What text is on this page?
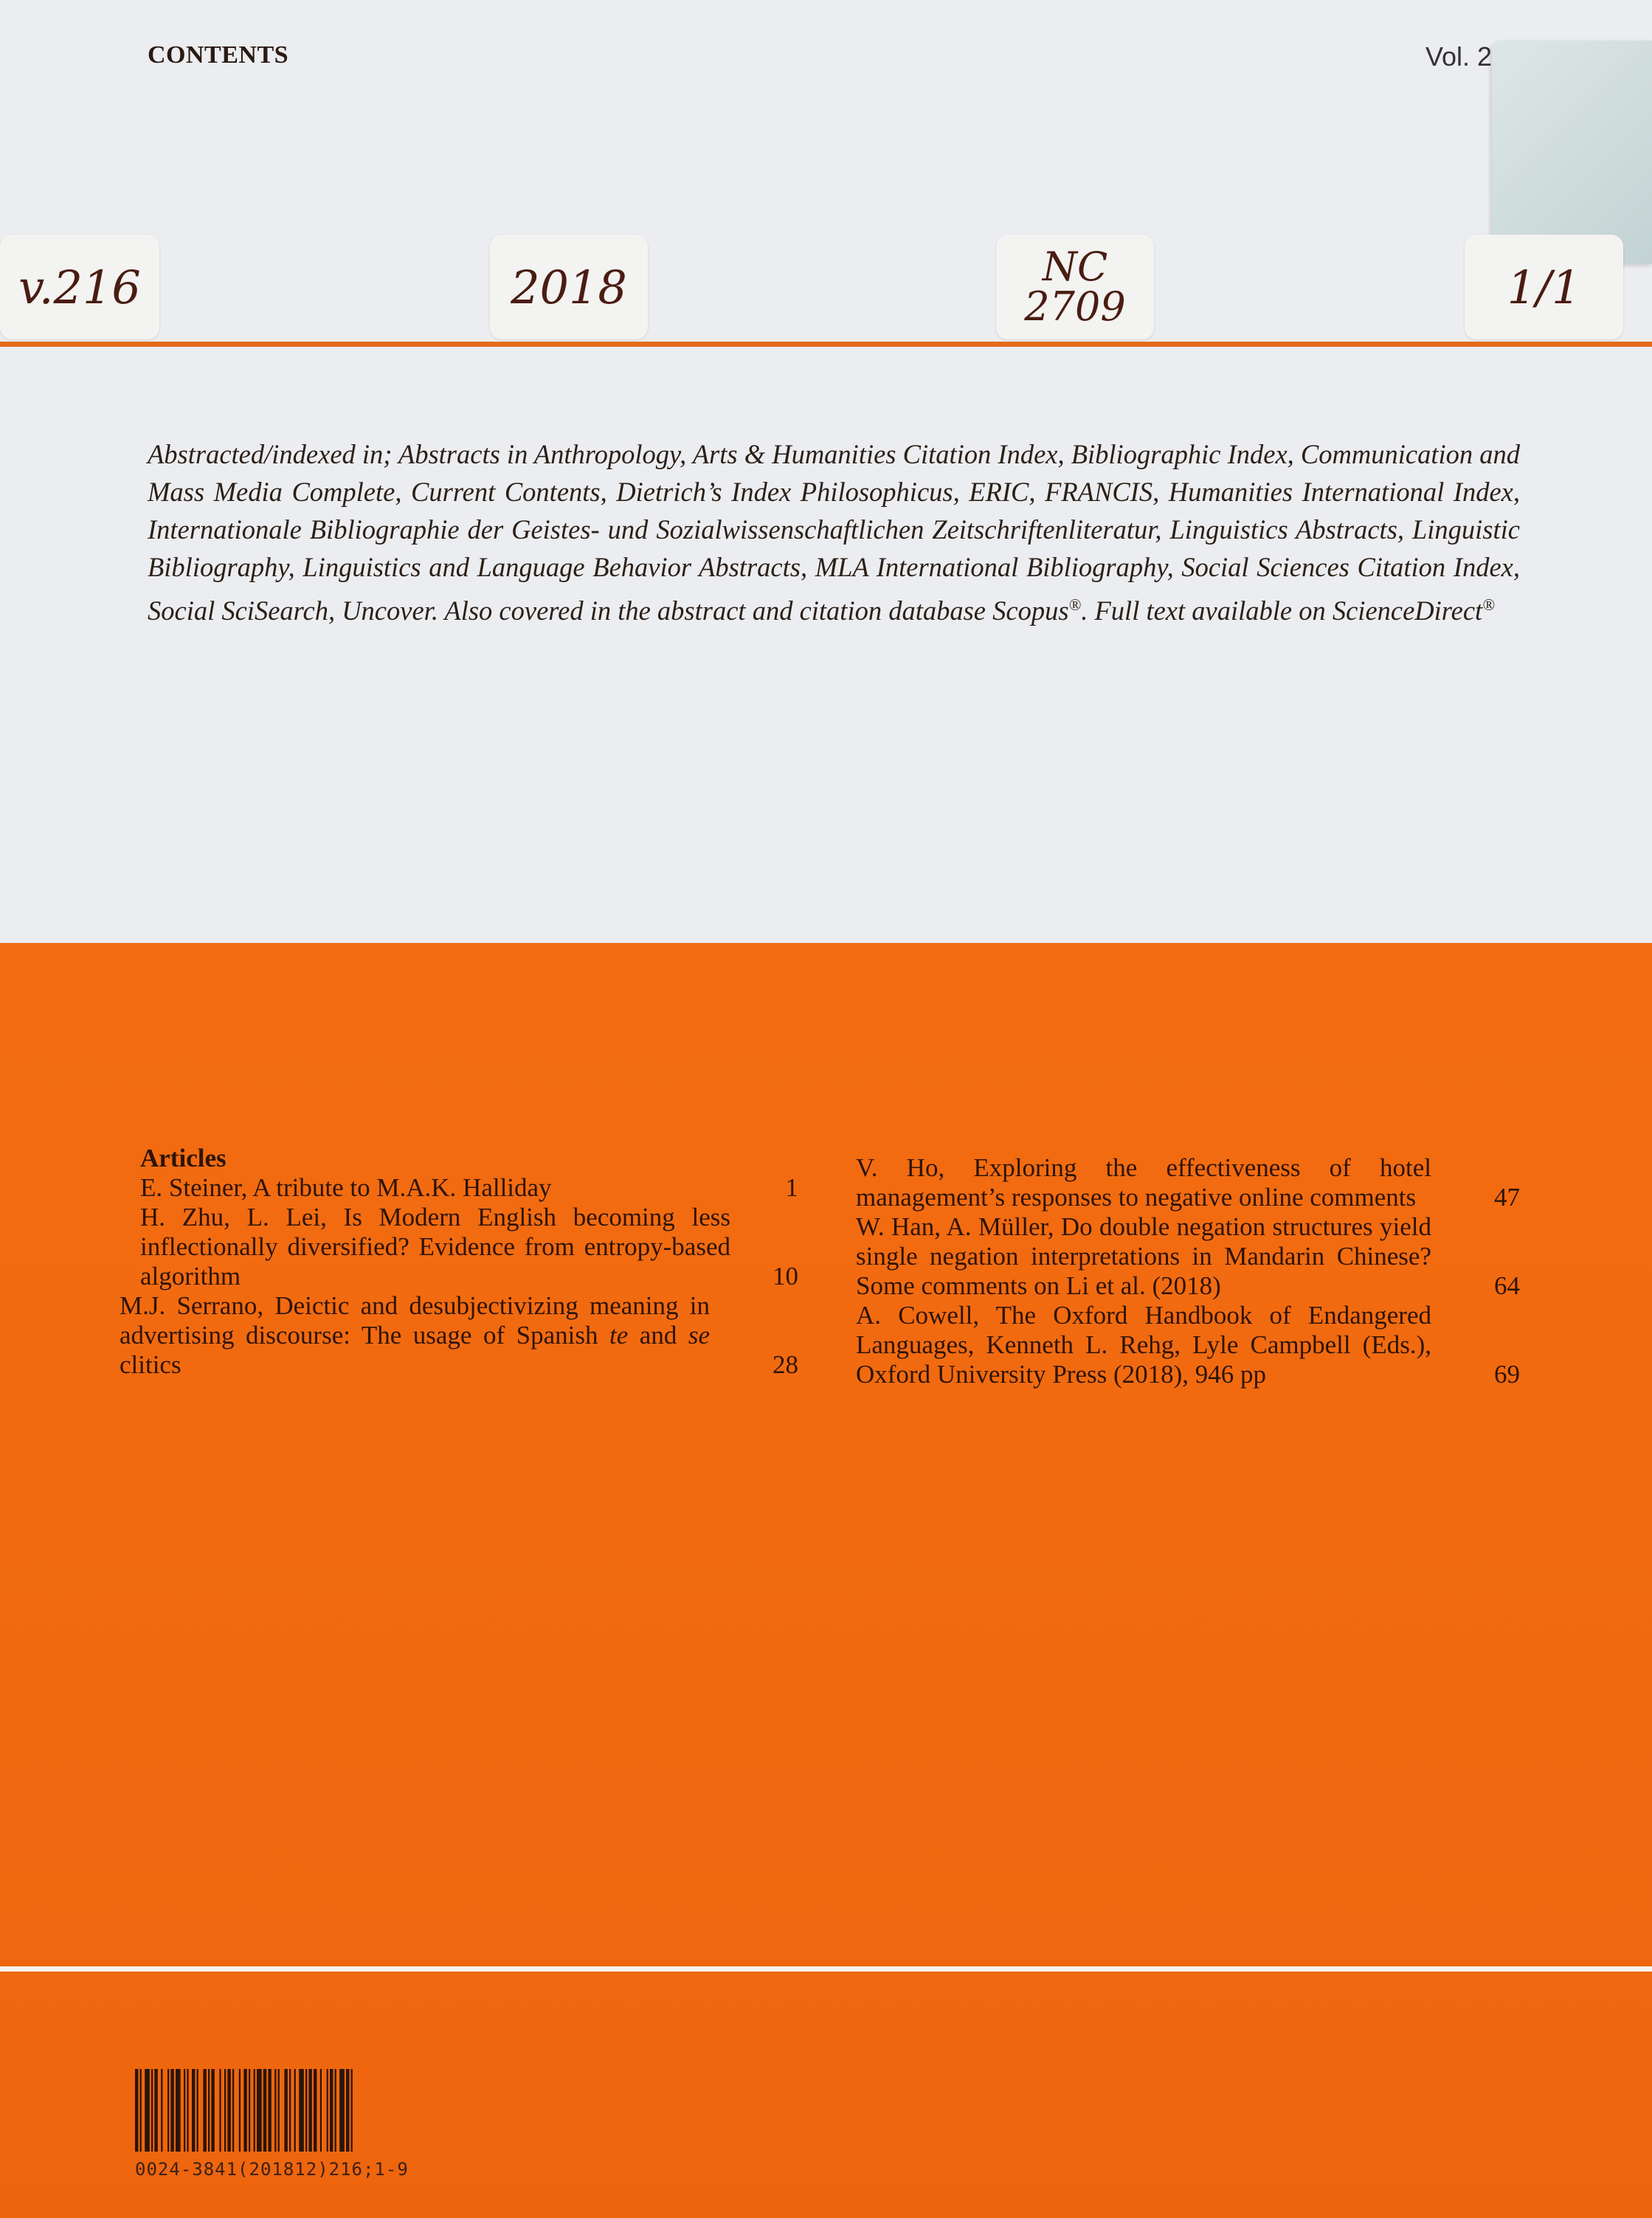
CONTENTS	Vol. 2
v.216	2018	NC
2709	1/1
Abstracted/indexed in; Abstracts in Anthropology, Arts & Humanities Citation Index, Bibliographic Index, Communication and Mass Media Complete, Current Contents, Dietrich’s Index Philosophicus, ERIC, FRANCIS, Humanities International Index, Internationale Bibliographie der Geistes- und Sozialwissenschaftlichen Zeitschriftenliteratur, Linguistics Abstracts, Linguistic Bibliography, Linguistics and Language Behavior Abstracts, MLA International Bibliography, Social Sciences Citation Index, Social SciSearch, Uncover. Also covered in the abstract and citation database Scopus®. Full text available on ScienceDirect®
Articles
E. Steiner, A tribute to M.A.K. Halliday	1
H. Zhu, L. Lei, Is Modern English becoming less inflectionally diversified? Evidence from entropy-based algorithm	10
M.J. Serrano, Deictic and desubjectivizing meaning in advertising discourse: The usage of Spanish te and se clitics	28
V. Ho, Exploring the effectiveness of hotel management’s responses to negative online comments	47
W. Han, A. Müller, Do double negation structures yield single negation interpretations in Mandarin Chinese? Some comments on Li et al. (2018)	64
A. Cowell, The Oxford Handbook of Endangered Languages, Kenneth L. Rehg, Lyle Campbell (Eds.), Oxford University Press (2018), 946 pp	69
0024-3841(201812)216;1-9
